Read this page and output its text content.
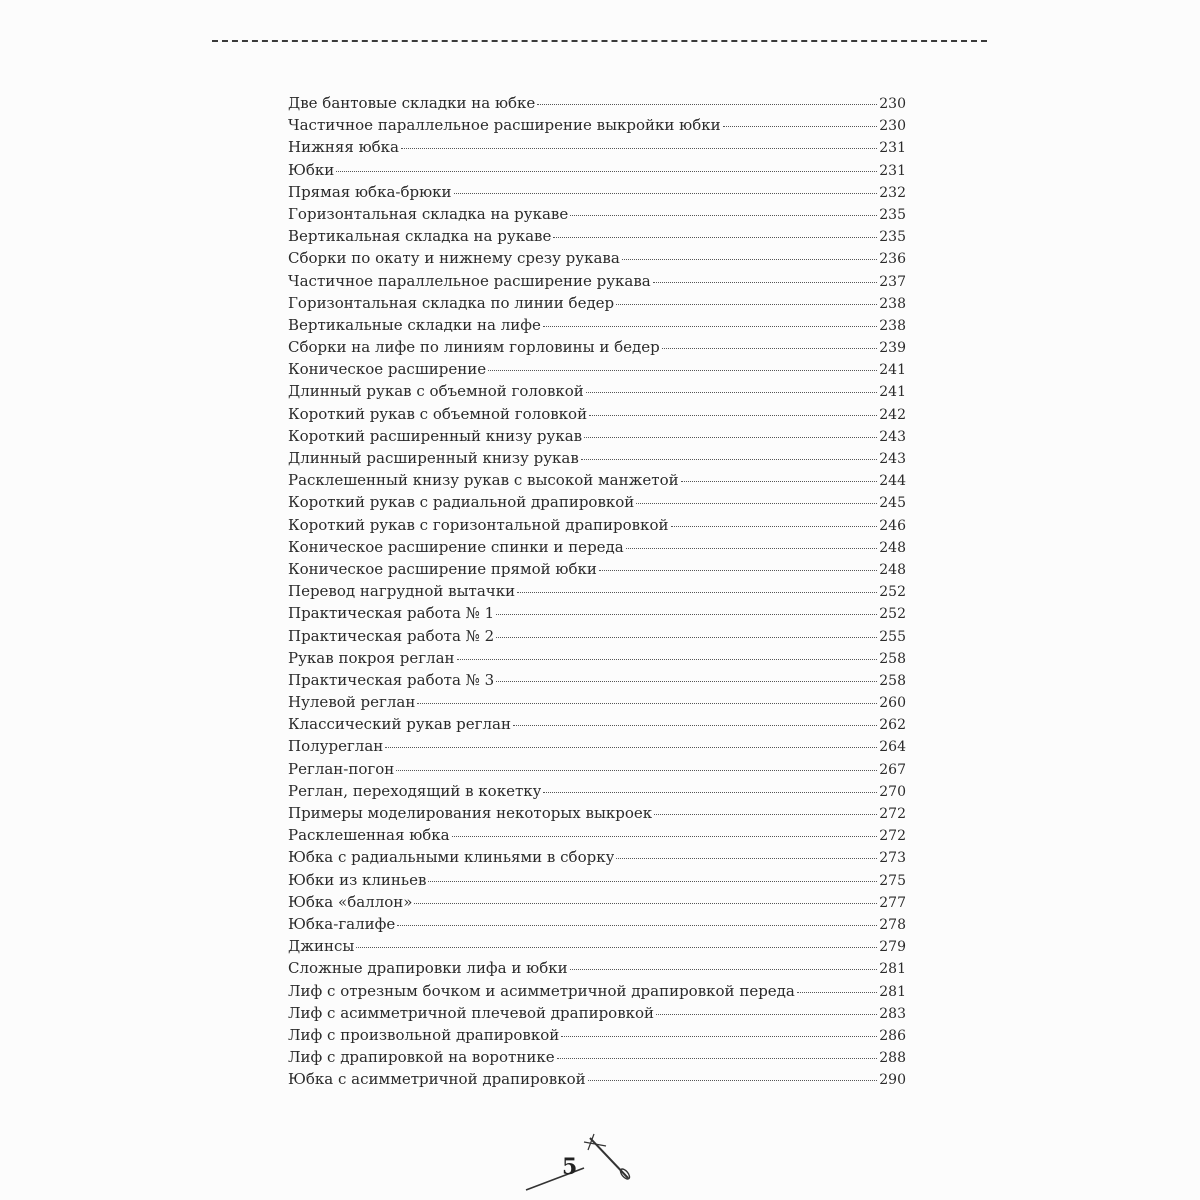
Две бантовые складки на юбке	230
Частичное параллельное расширение выкройки юбки	230
Нижняя юбка	231
Юбки	231
Прямая юбка-брюки	232
Горизонтальная складка на рукаве	235
Вертикальная складка на рукаве	235
Сборки по окату и нижнему срезу рукава	236
Частичное параллельное расширение рукава	237
Горизонтальная складка по линии бедер	238
Вертикальные складки на лифе	238
Сборки на лифе по линиям горловины и бедер	239
Коническое расширение	241
Длинный рукав с объемной головкой	241
Короткий рукав с объемной головкой	242
Короткий расширенный книзу рукав	243
Длинный расширенный книзу рукав	243
Расклешенный книзу рукав с высокой манжетой	244
Короткий рукав с радиальной драпировкой	245
Короткий рукав с горизонтальной драпировкой	246
Коническое расширение спинки и переда	248
Коническое расширение прямой юбки	248
Перевод нагрудной вытачки	252
Практическая работа № 1	252
Практическая работа № 2	255
Рукав покроя реглан	258
Практическая работа № 3	258
Нулевой реглан	260
Классический рукав реглан	262
Полуреглан	264
Реглан-погон	267
Реглан, переходящий в кокетку	270
Примеры моделирования некоторых выкроек	272
Расклешенная юбка	272
Юбка с радиальными клиньями в сборку	273
Юбки из клиньев	275
Юбка «баллон»	277
Юбка-галифе	278
Джинсы	279
Сложные драпировки лифа и юбки	281
Лиф с отрезным бочком и асимметричной драпировкой переда	281
Лиф с асимметричной плечевой драпировкой	283
Лиф с произвольной драпировкой	286
Лиф с драпировкой на воротнике	288
Юбка с асимметричной драпировкой	290
5
